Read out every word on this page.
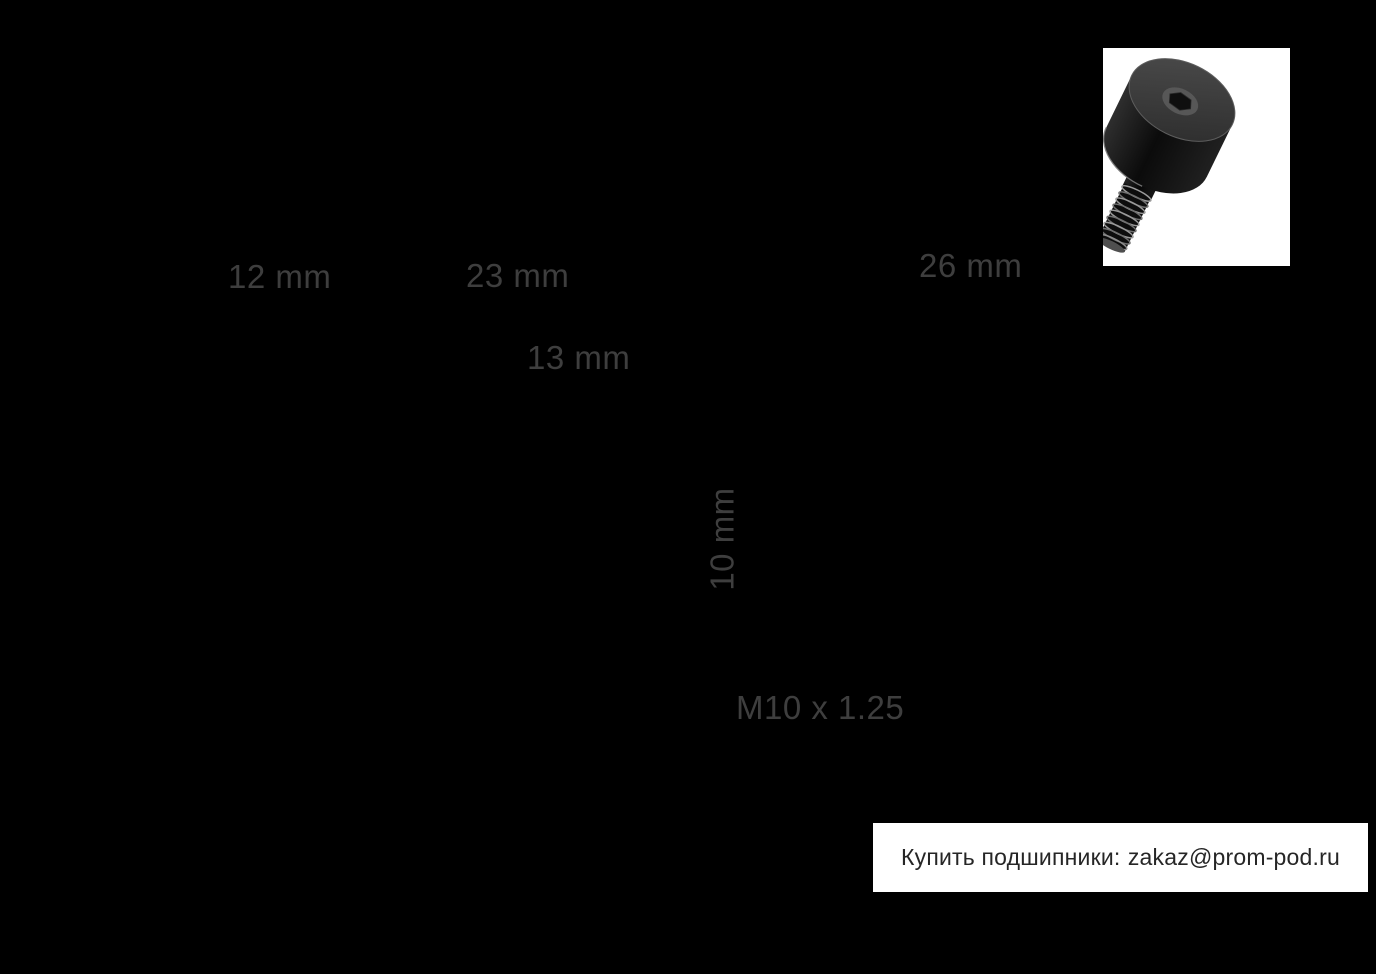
12 mm	23 mm
13 mm
26 mm
10 mm
M10 x 1.25
Купить подшипники: zakaz@prom-pod.ru
